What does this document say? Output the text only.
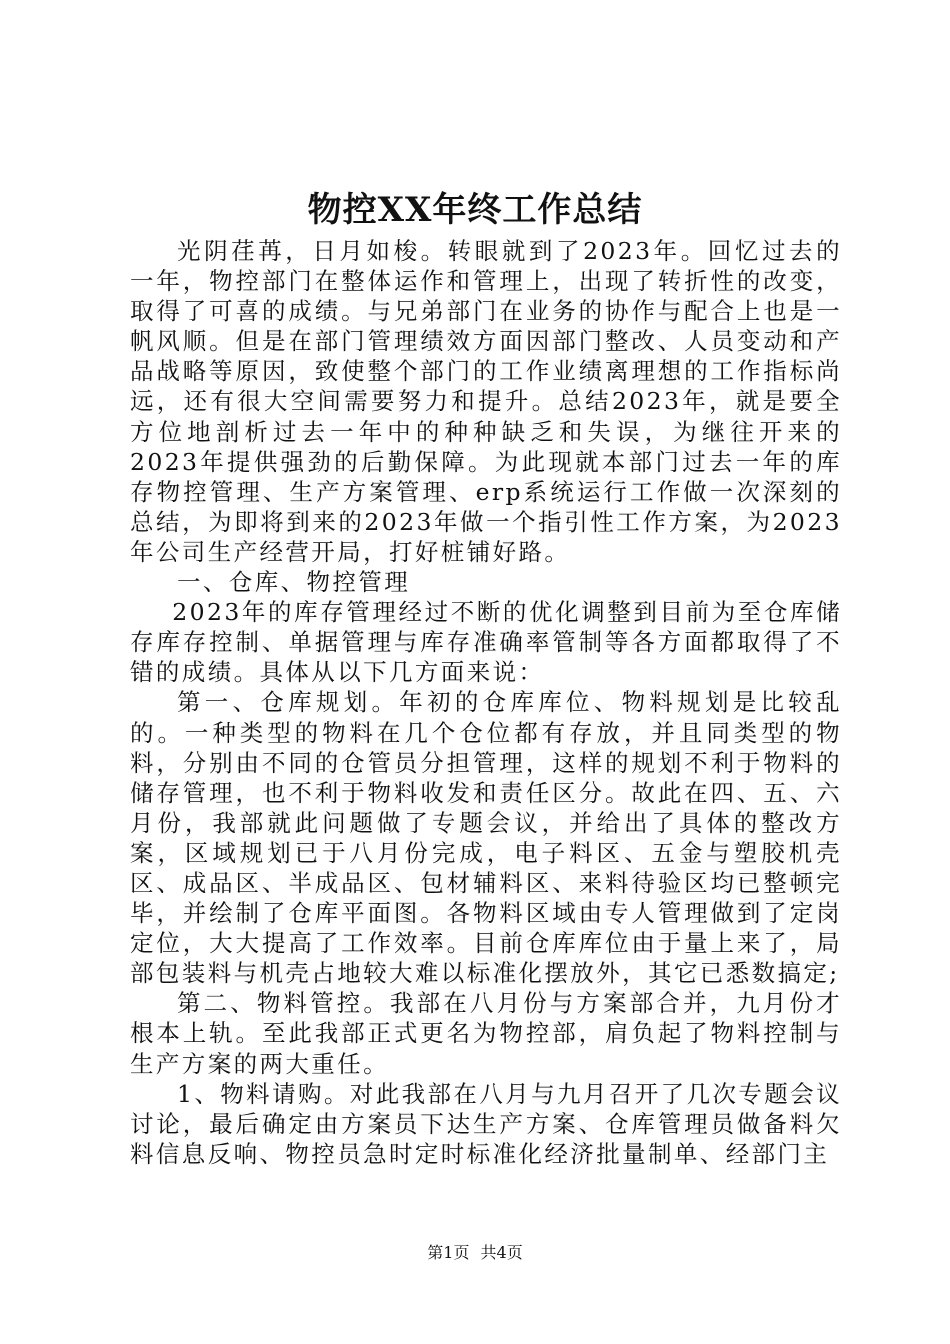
物控XX年终工作总结

光阴荏苒，日月如梭。转眼就到了2023年。回忆过去的一年，物控部门在整体运作和管理上，出现了转折性的改变，取得了可喜的成绩。与兄弟部门在业务的协作与配合上也是一帆风顺。但是在部门管理绩效方面因部门整改、人员变动和产品战略等原因，致使整个部门的工作业绩离理想的工作指标尚远，还有很大空间需要努力和提升。总结2023年，就是要全方位地剖析过去一年中的种种缺乏和失误，为继往开来的2023年提供强劲的后勤保障。为此现就本部门过去一年的库存物控管理、生产方案管理、erp系统运行工作做一次深刻的总结，为即将到来的2023年做一个指引性工作方案，为2023年公司生产经营开局，打好桩铺好路。

一、仓库、物控管理

2023年的库存管理经过不断的优化调整到目前为至仓库储存库存控制、单据管理与库存准确率管制等各方面都取得了不错的成绩。具体从以下几方面来说：

第一、仓库规划。年初的仓库库位、物料规划是比较乱的。一种类型的物料在几个仓位都有存放，并且同类型的物料，分别由不同的仓管员分担管理，这样的规划不利于物料的储存管理，也不利于物料收发和责任区分。故此在四、五、六月份，我部就此问题做了专题会议，并给出了具体的整改方案，区域规划已于八月份完成，电子料区、五金与塑胶机壳区、成品区、半成品区、包材辅料区、来料待验区均已整顿完毕，并绘制了仓库平面图。各物料区域由专人管理做到了定岗定位，大大提高了工作效率。目前仓库库位由于量上来了，局部包装料与机壳占地较大难以标准化摆放外，其它已悉数搞定;

第二、物料管控。我部在八月份与方案部合并，九月份才根本上轨。至此我部正式更名为物控部，肩负起了物料控制与生产方案的两大重任。

1、物料请购。对此我部在八月与九月召开了几次专题会议讨论，最后确定由方案员下达生产方案、仓库管理员做备料欠料信息反响、物控员急时定时标准化经济批量制单、经部门主

第1页 共4页
